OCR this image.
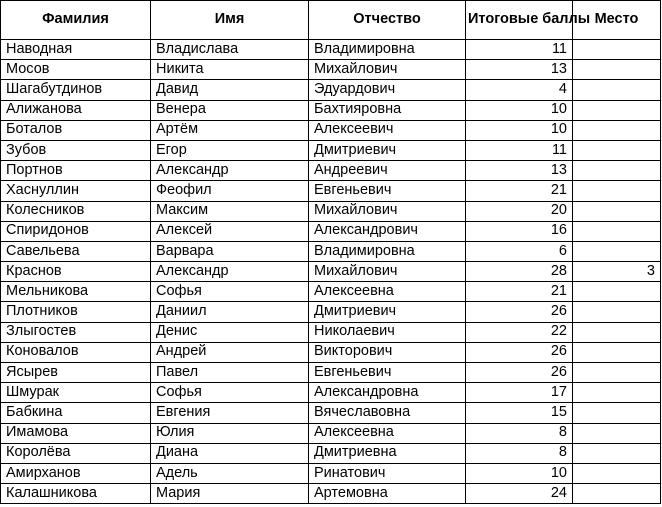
Фамилия	Имя	Отчество	Итоговые баллы	Место
Наводная	Владислава	Владимировна	11	
Мосов	Никита	Михайлович	13	
Шагабутдинов	Давид	Эдуардович	4	
Алижанова	Венера	Бахтияровна	10	
Боталов	Артём	Алексеевич	10	
Зубов	Егор	Дмитриевич	11	
Портнов	Александр	Андреевич	13	
Хаснуллин	Феофил	Евгеньевич	21	
Колесников	Максим	Михайлович	20	
Спиридонов	Алексей	Александрович	16	
Савельева	Варвара	Владимировна	6	
Краснов	Александр	Михайлович	28	3
Мельникова	Софья	Алексеевна	21	
Плотников	Даниил	Дмитриевич	26	
Злыгостев	Денис	Николаевич	22	
Коновалов	Андрей	Викторович	26	
Ясырев	Павел	Евгеньевич	26	
Шмурак	Софья	Александровна	17	
Бабкина	Евгения	Вячеславовна	15	
Имамова	Юлия	Алексеевна	8	
Королёва	Диана	Дмитриевна	8	
Амирханов	Адель	Ринатович	10	
Калашникова	Мария	Артемовна	24	
